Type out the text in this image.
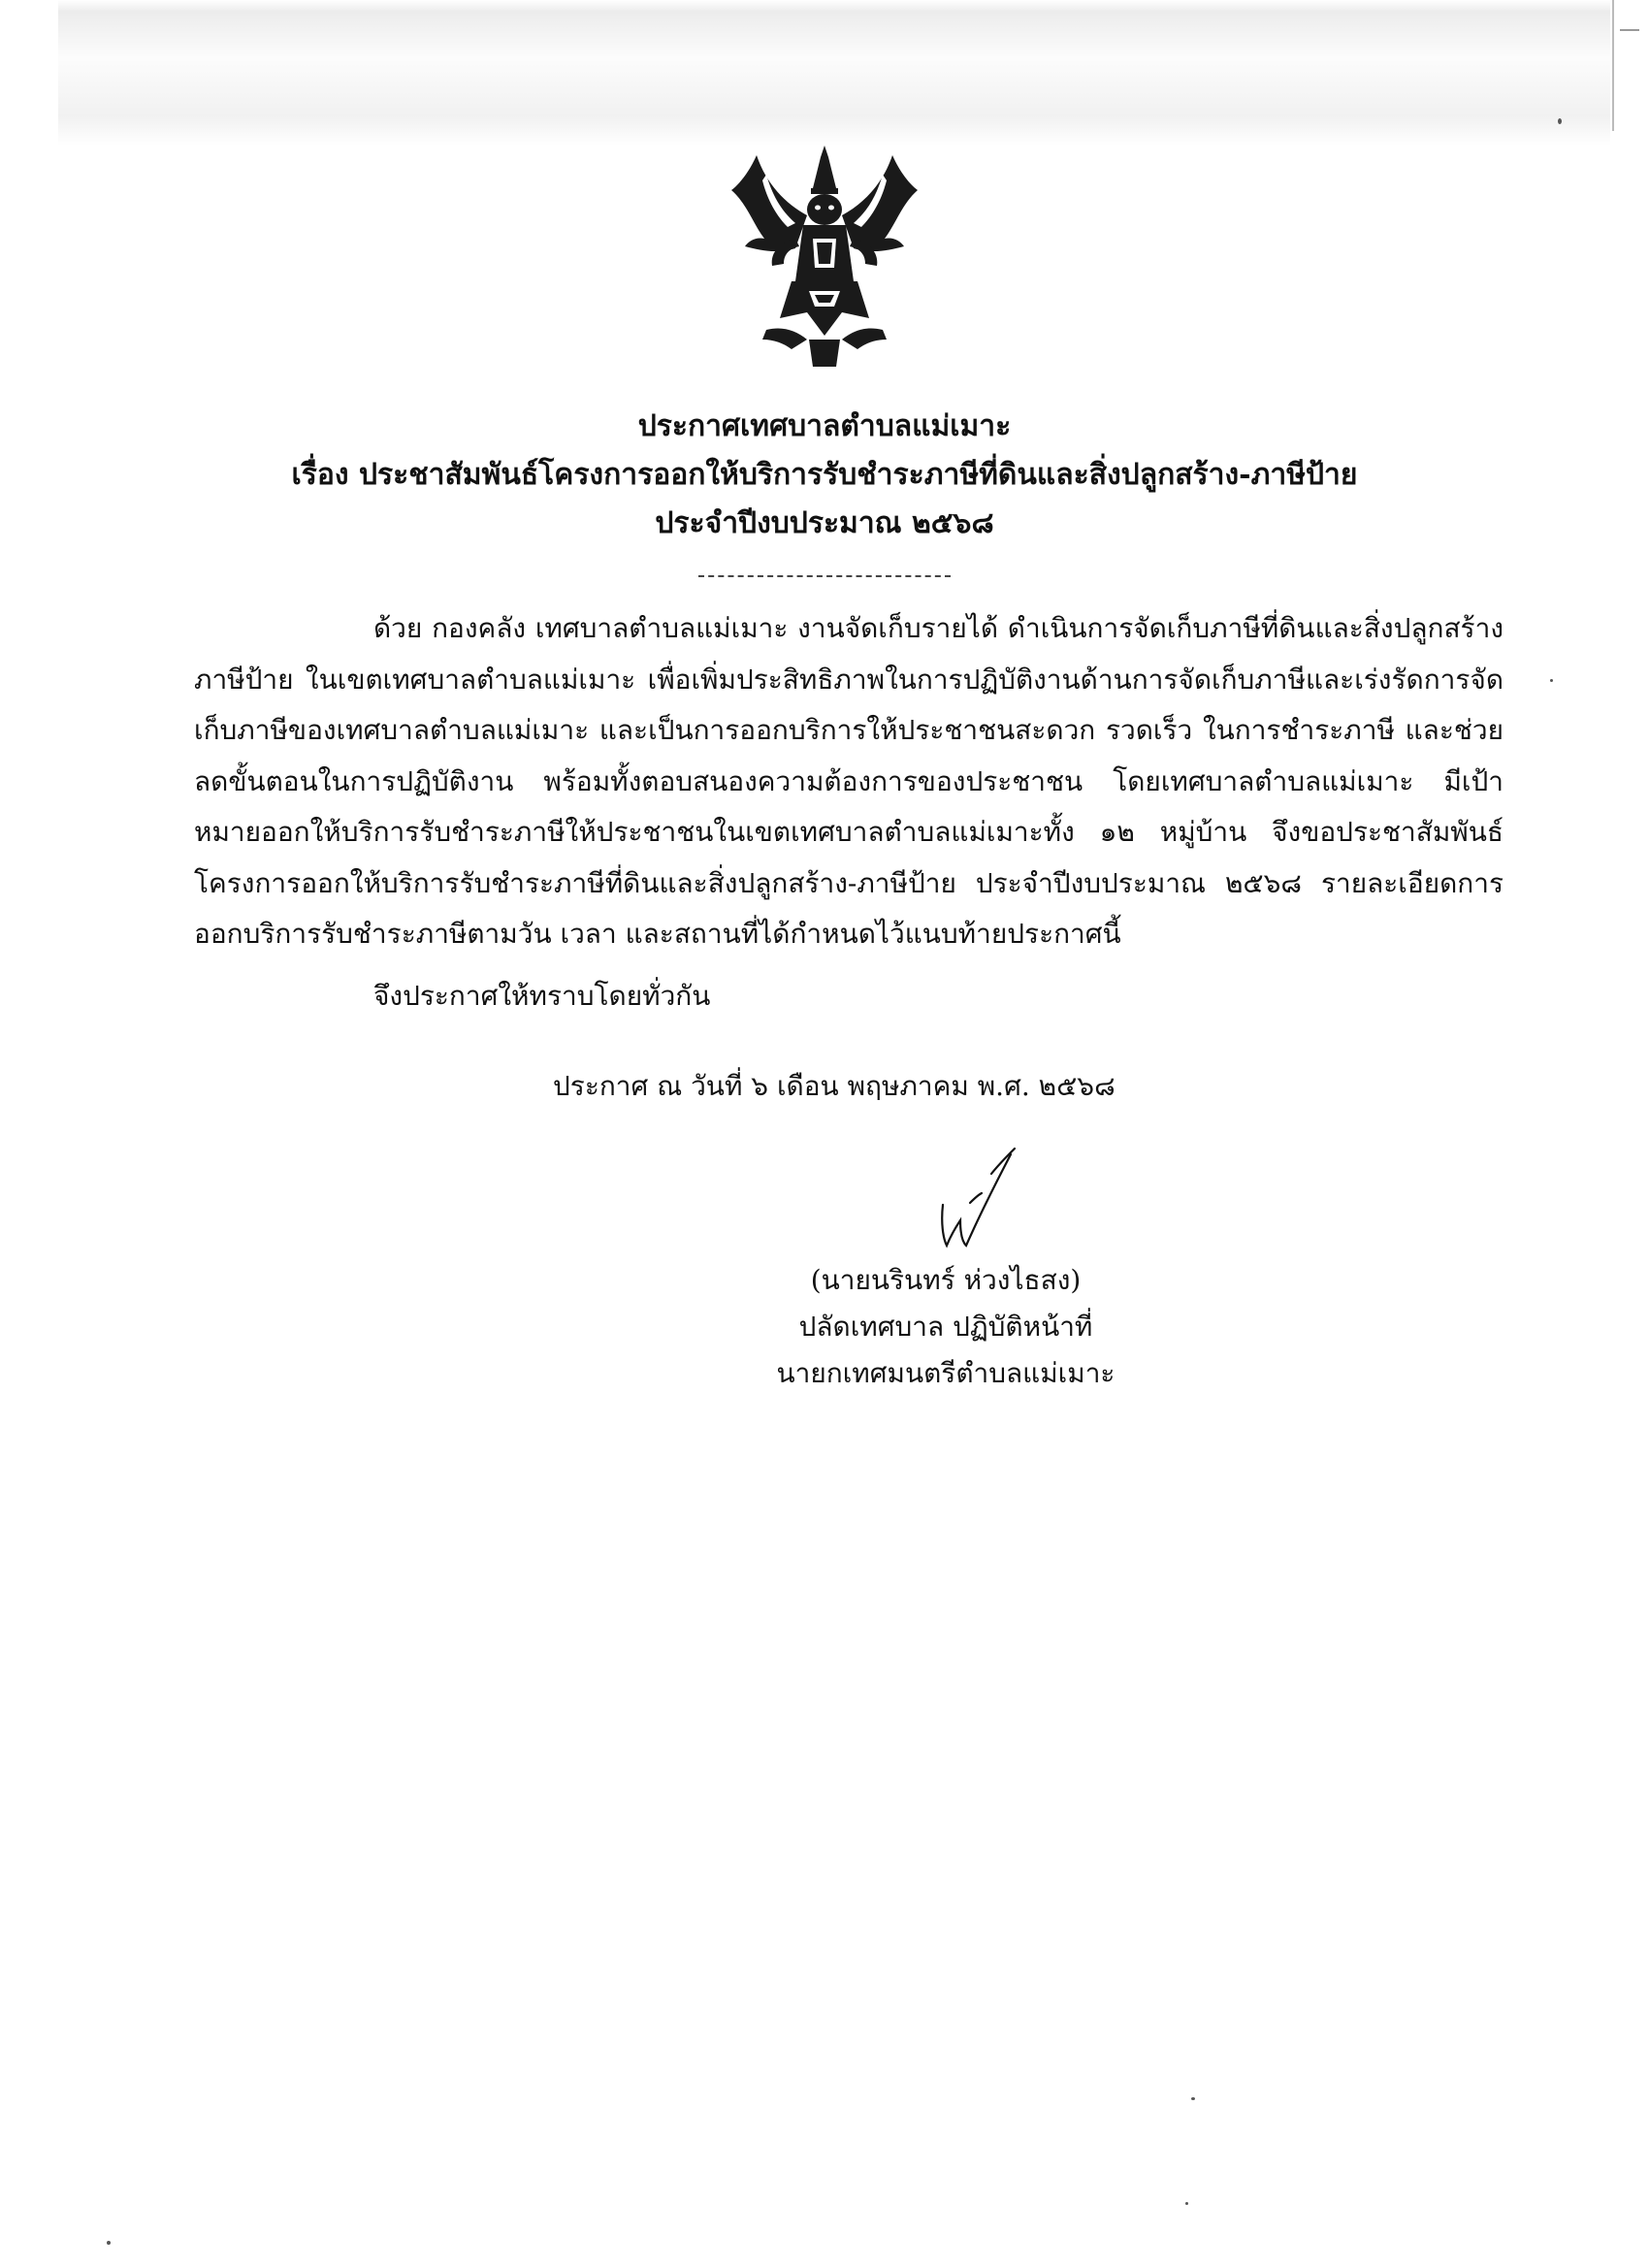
ประกาศเทศบาลตำบลแม่เมาะ
เรื่อง ประชาสัมพันธ์โครงการออกให้บริการรับชำระภาษีที่ดินและสิ่งปลูกสร้าง-ภาษีป้าย
ประจำปีงบประมาณ ๒๕๖๘
ด้วย กองคลัง เทศบาลตำบลแม่เมาะ งานจัดเก็บรายได้ ดำเนินการจัดเก็บภาษีที่ดินและสิ่งปลูกสร้าง ภาษีป้าย ในเขตเทศบาลตำบลแม่เมาะ เพื่อเพิ่มประสิทธิภาพในการปฏิบัติงานด้านการจัดเก็บภาษีและเร่งรัดการจัดเก็บภาษีของเทศบาลตำบลแม่เมาะ และเป็นการออกบริการให้ประชาชนสะดวก รวดเร็ว ในการชำระภาษี และช่วยลดขั้นตอนในการปฏิบัติงาน พร้อมทั้งตอบสนองความต้องการของประชาชน โดยเทศบาลตำบลแม่เมาะ มีเป้าหมายออกให้บริการรับชำระภาษีให้ประชาชนในเขตเทศบาลตำบลแม่เมาะทั้ง ๑๒ หมู่บ้าน จึงขอประชาสัมพันธ์โครงการออกให้บริการรับชำระภาษีที่ดินและสิ่งปลูกสร้าง-ภาษีป้าย ประจำปีงบประมาณ ๒๕๖๘ รายละเอียดการออกบริการรับชำระภาษีตามวัน เวลา และสถานที่ได้กำหนดไว้แนบท้ายประกาศนี้
จึงประกาศให้ทราบโดยทั่วกัน
ประกาศ ณ วันที่ ๖ เดือน พฤษภาคม พ.ศ. ๒๕๖๘
(นายนรินทร์ ห่วงไธสง)
ปลัดเทศบาล ปฏิบัติหน้าที่
นายกเทศมนตรีตำบลแม่เมาะ
